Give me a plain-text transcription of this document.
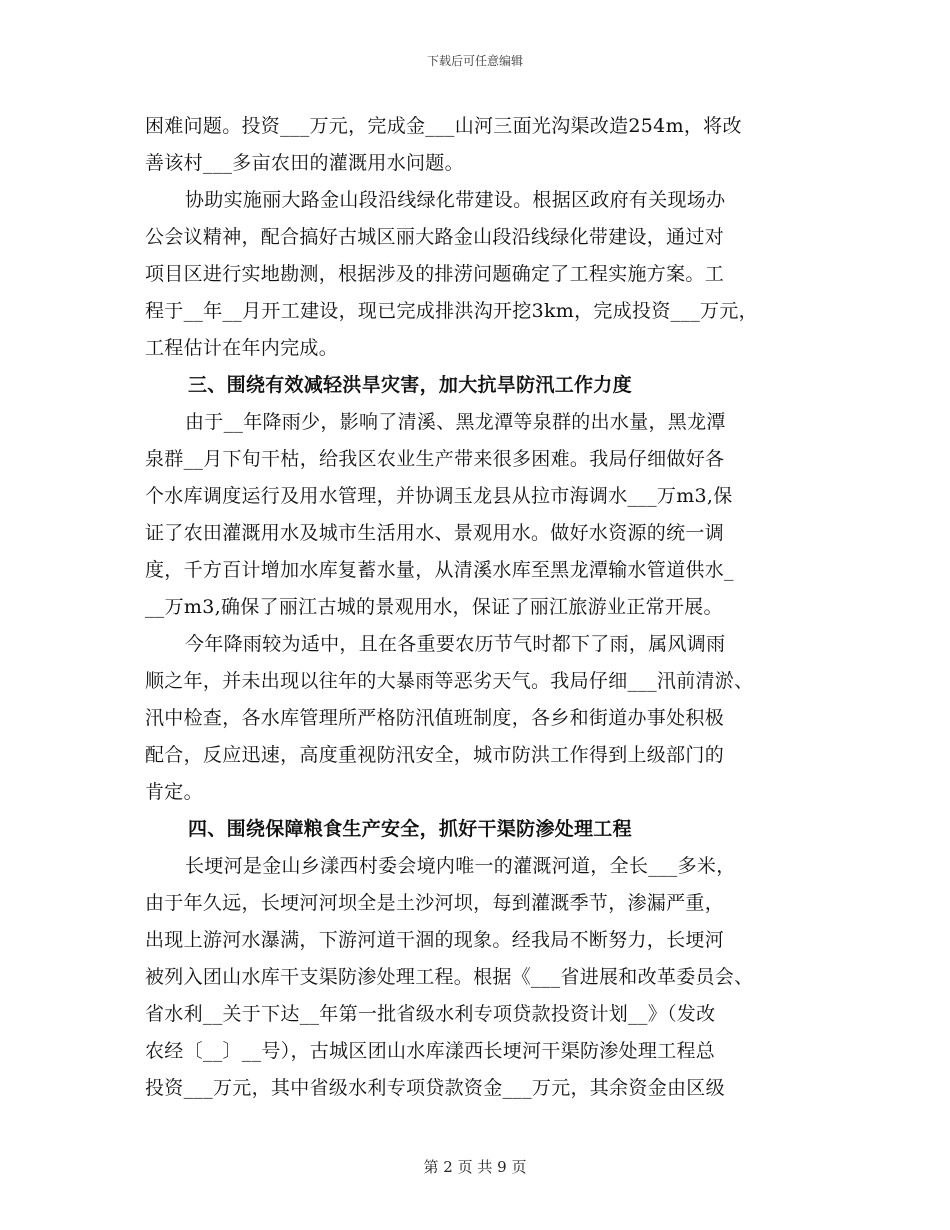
下载后可任意编辑
困难问题。投资___万元，完成金___山河三面光沟渠改造254m，将改
善该村___多亩农田的灌溉用水问题。
协助实施丽大路金山段沿线绿化带建设。根据区政府有关现场办
公会议精神，配合搞好古城区丽大路金山段沿线绿化带建设，通过对
项目区进行实地勘测，根据涉及的排涝问题确定了工程实施方案。工
程于__年__月开工建设，现已完成排洪沟开挖3km，完成投资___万元，
工程估计在年内完成。
三、围绕有效减轻洪旱灾害，加大抗旱防汛工作力度
由于__年降雨少，影响了清溪、黑龙潭等泉群的出水量，黑龙潭
泉群__月下旬干枯，给我区农业生产带来很多困难。我局仔细做好各
个水库调度运行及用水管理，并协调玉龙县从拉市海调水___万m3,保
证了农田灌溉用水及城市生活用水、景观用水。做好水资源的统一调
度，千方百计增加水库复蓄水量，从清溪水库至黑龙潭输水管道供水_
__万m3,确保了丽江古城的景观用水，保证了丽江旅游业正常开展。
今年降雨较为适中，且在各重要农历节气时都下了雨，属风调雨
顺之年，并未出现以往年的大暴雨等恶劣天气。我局仔细___汛前清淤、
汛中检查，各水库管理所严格防汛值班制度，各乡和街道办事处积极
配合，反应迅速，高度重视防汛安全，城市防洪工作得到上级部门的
肯定。
四、围绕保障粮食生产安全，抓好干渠防渗处理工程
长埂河是金山乡漾西村委会境内唯一的灌溉河道，全长___多米，
由于年久远，长埂河河坝全是土沙河坝，每到灌溉季节，渗漏严重，
出现上游河水瀑满，下游河道干涸的现象。经我局不断努力，长埂河
被列入团山水库干支渠防渗处理工程。根据《___省进展和改革委员会、
省水利__关于下达__年第一批省级水利专项贷款投资计划__》（发改
农经〔__〕__号），古城区团山水库漾西长埂河干渠防渗处理工程总
投资___万元，其中省级水利专项贷款资金___万元，其余资金由区级
第 2 页 共 9 页
